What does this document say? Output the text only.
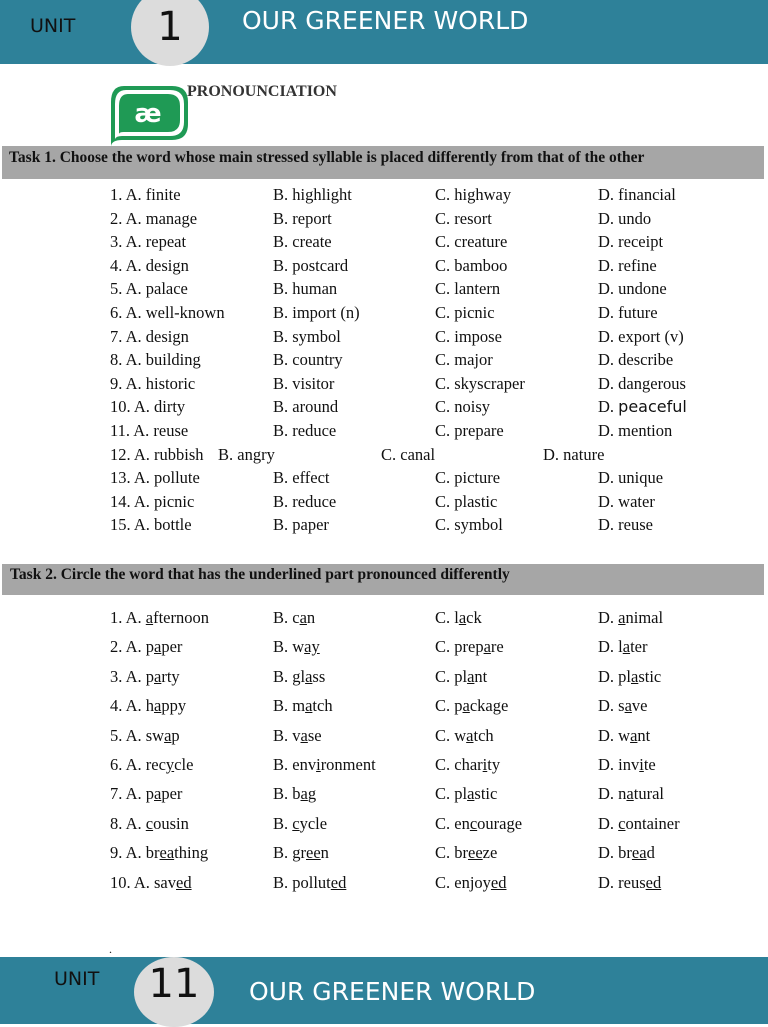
UNIT	1	OUR GREENER WORLD
æ
PRONOUNCIATION
Task 1. Choose the word whose main stressed syllable is placed differently from that of the other
1. A. finite	B. highlight	C. highway	D. financial
2. A. manage	B. report	C. resort	D. undo
3. A. repeat	B. create	C. creature	D. receipt
4. A. design	B. postcard	C. bamboo	D. refine
5. A. palace	B. human	C. lantern	D. undone
6. A. well-known	B. import (n)	C. picnic	D. future
7. A. design	B. symbol	C. impose	D. export (v)
8. A. building	B. country	C. major	D. describe
9. A. historic	B. visitor	C. skyscraper	D. dangerous
10. A. dirty	B. around	C. noisy	D. peaceful
11. A. reuse	B. reduce	C. prepare	D. mention
12. A. rubbish B. angry	C. canal	D. nature
13. A. pollute	B. effect	C. picture	D. unique
14. A. picnic	B. reduce	C. plastic	D. water
15. A. bottle	B. paper	C. symbol	D. reuse
Task 2. Circle the word that has the underlined part pronounced differently
1. A. afternoon	B. can	C. lack	D. animal
2. A. paper	B. way	C. prepare	D. later
3. A. party	B. glass	C. plant	D. plastic
4. A. happy	B. match	C. package	D. save
5. A. swap	B. vase	C. watch	D. want
6. A. recycle	B. environment	C. charity	D. invite
7. A. paper	B. bag	C. plastic	D. natural
8. A. cousin	B. cycle	C. encourage	D. container
9. A. breathing	B. green	C. breeze	D. bread
10. A. saved	B. polluted	C. enjoyed	D. reused
.
UNIT	11	OUR GREENER WORLD
